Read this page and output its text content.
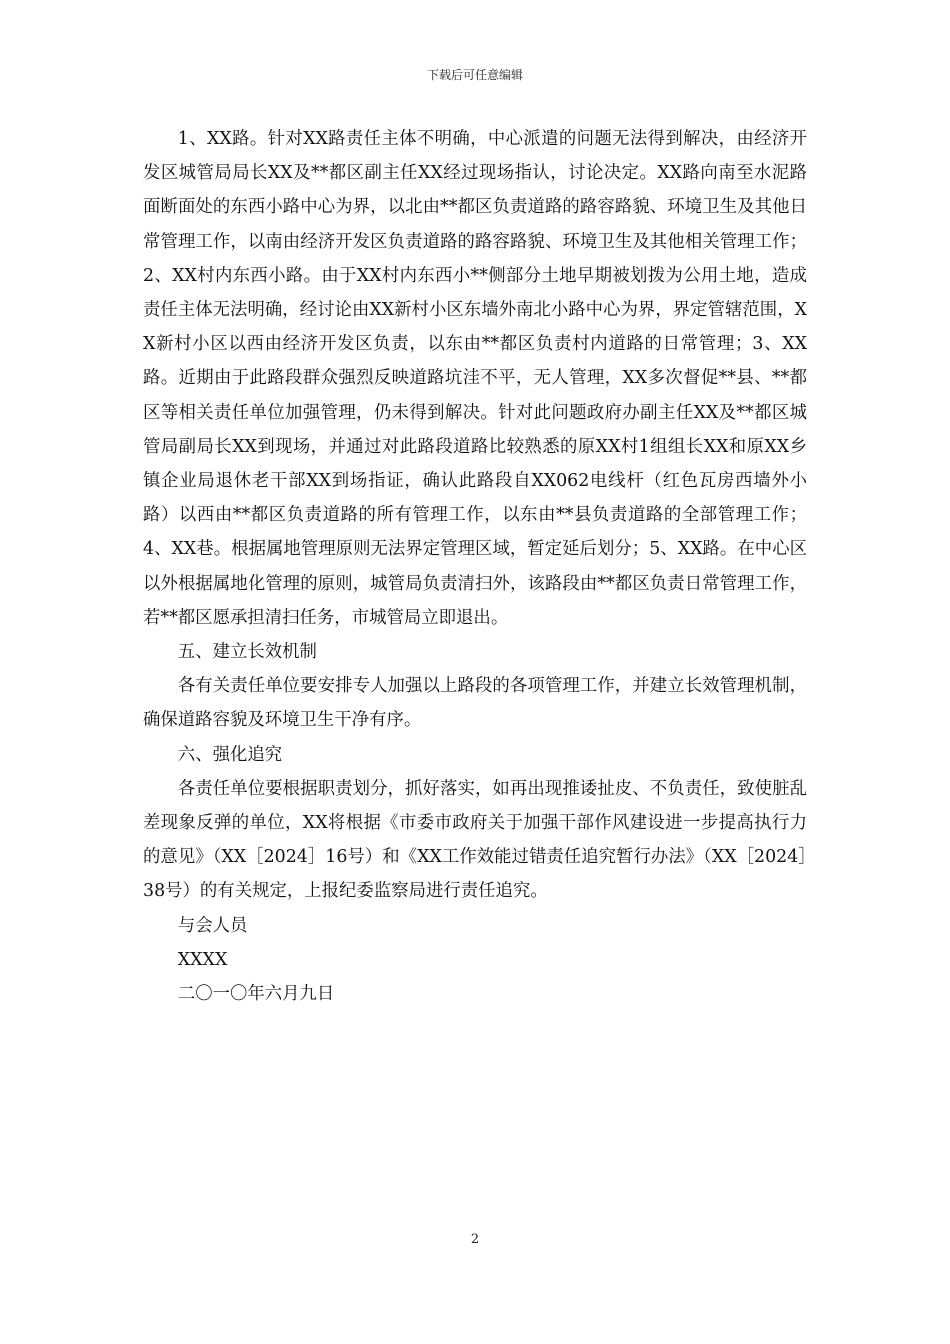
下载后可任意编辑

1、XX路。针对XX路责任主体不明确，中心派遣的问题无法得到解决，由经济开发区城管局局长XX及**都区副主任XX经过现场指认，讨论决定。XX路向南至水泥路面断面处的东西小路中心为界，以北由**都区负责道路的路容路貌、环境卫生及其他日常管理工作，以南由经济开发区负责道路的路容路貌、环境卫生及其他相关管理工作；2、XX村内东西小路。由于XX村内东西小**侧部分土地早期被划拨为公用土地，造成责任主体无法明确，经讨论由XX新村小区东墙外南北小路中心为界，界定管辖范围，XX新村小区以西由经济开发区负责，以东由**都区负责村内道路的日常管理；3、XX路。近期由于此路段群众强烈反映道路坑洼不平，无人管理，XX多次督促**县、**都区等相关责任单位加强管理，仍未得到解决。针对此问题政府办副主任XX及**都区城管局副局长XX到现场，并通过对此路段道路比较熟悉的原XX村1组组长XX和原XX乡镇企业局退休老干部XX到场指证，确认此路段自XX062电线杆（红色瓦房西墙外小路）以西由**都区负责道路的所有管理工作，以东由**县负责道路的全部管理工作；4、XX巷。根据属地管理原则无法界定管理区域，暂定延后划分；5、XX路。在中心区以外根据属地化管理的原则，城管局负责清扫外，该路段由**都区负责日常管理工作，若**都区愿承担清扫任务，市城管局立即退出。

五、建立长效机制

各有关责任单位要安排专人加强以上路段的各项管理工作，并建立长效管理机制，确保道路容貌及环境卫生干净有序。

六、强化追究

各责任单位要根据职责划分，抓好落实，如再出现推诿扯皮、不负责任，致使脏乱差现象反弹的单位，XX将根据《市委市政府关于加强干部作风建设进一步提高执行力的意见》（XX［2024］16号）和《XX工作效能过错责任追究暂行办法》（XX［2024］38号）的有关规定，上报纪委监察局进行责任追究。

与会人员

XXXX

二〇一〇年六月九日

2
